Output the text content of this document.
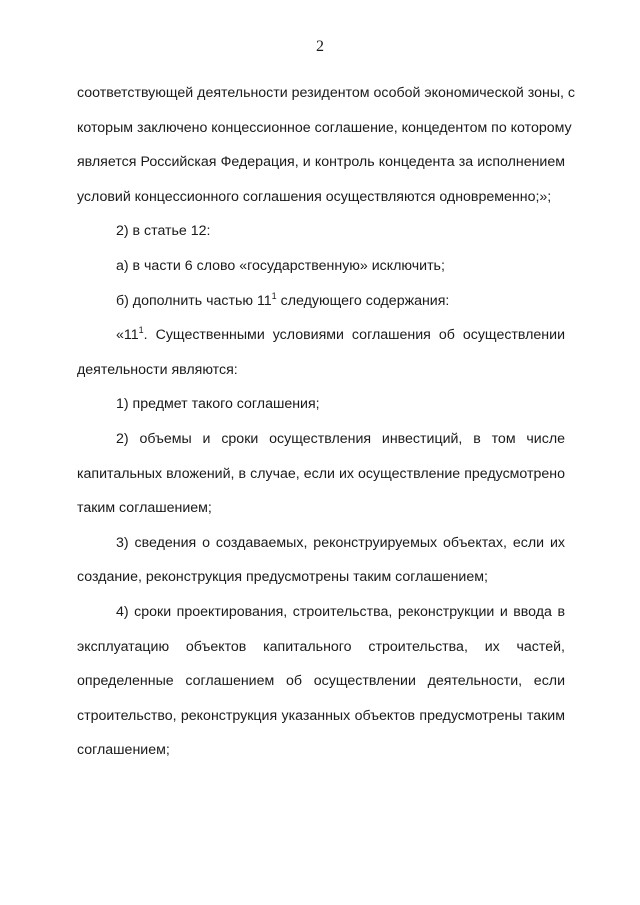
2
соответствующей деятельности резидентом особой экономической зоны, с
которым заключено концессионное соглашение, концедентом по которому
является Российская Федерация, и контроль концедента за исполнением
условий концессионного соглашения осуществляются одновременно;»;
2) в статье 12:
а) в части 6 слово «государственную» исключить;
б) дополнить частью $11^1$ следующего содержания:
«$11^1$. Существенными условиями соглашения об осуществлении
деятельности являются:
1) предмет такого соглашения;
2) объемы и сроки осуществления инвестиций, в том числе
капитальных вложений, в случае, если их осуществление предусмотрено
таким соглашением;
3) сведения о создаваемых, реконструируемых объектах, если их
создание, реконструкция предусмотрены таким соглашением;
4) сроки проектирования, строительства, реконструкции и ввода в
эксплуатацию объектов капитального строительства, их частей,
определенные соглашением об осуществлении деятельности, если
строительство, реконструкция указанных объектов предусмотрены таким
соглашением;
